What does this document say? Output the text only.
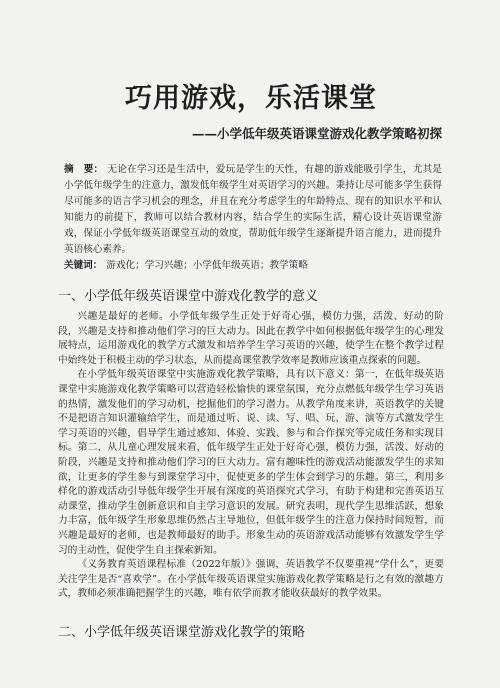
巧用游戏，乐活课堂
——小学低年级英语课堂游戏化教学策略初探
摘　要： 无论在学习还是生活中，爱玩是学生的天性，有趣的游戏能吸引学生，尤其是小学低年级学生的注意力，激发低年级学生对英语学习的兴趣。秉持让尽可能多学生获得尽可能多的语言学习机会的理念，并且在充分考虑学生的年龄特点、现有的知识水平和认知能力的前提下，教师可以结合教材内容，结合学生的实际生活，精心设计英语课堂游戏，保证小学低年级英语课堂互动的效度，帮助低年级学生逐渐提升语言能力，进而提升英语核心素养。
关键词： 游戏化；学习兴趣；小学低年级英语；教学策略
一、小学低年级英语课堂中游戏化教学的意义

兴趣是最好的老师。小学低年级学生正处于好奇心强，模仿力强，活泼、好动的阶段，兴趣是支持和推动他们学习的巨大动力。因此在教学中如何根据低年级学生的心理发展特点，运用游戏化的教学方式激发和培养学生学习英语的兴趣，使学生在整个教学过程中始终处于积极主动的学习状态，从而提高课堂教学效率是教师应该重点探索的问题。

在小学低年级英语课堂中实施游戏化教学策略，具有以下意义：第一，在低年级英语课堂中实施游戏化教学策略可以营造轻松愉快的课堂氛围，充分点燃低年级学生学习英语的热情，激发他们的学习动机，挖掘他们的学习潜力。从教学角度来讲，英语教学的关键不是把语言知识灌输给学生，而是通过听、说、读、写、唱、玩、游、演等方式激发学生学习英语的兴趣，倡导学生通过感知、体验、实践、参与和合作探究等完成任务和实现目标。第二，从儿童心理发展来看，低年级学生正处于好奇心强，模仿力强，活泼、好动的阶段，兴趣是支持和推动他们学习的巨大动力。富有趣味性的游戏活动能激发学生的求知欲，让更多的学生参与到课堂学习中，促使更多的学生体会到学习的乐趣。第三，利用多样化的游戏活动引导低年级学生开展有深度的英语探究式学习，有助于构建和完善英语互动课堂，推动学生创新意识和自主学习意识的发展。研究表明，现代学生思维活跃，想象力丰富，低年级学生形象思维仍然占主导地位，但低年级学生的注意力保持时间短暂，而兴趣是最好的老师，也是教师最好的助手。形象生动的英语游戏活动能够有效激发学生学习的主动性，促使学生自主探索新知。

《义务教育英语课程标准（2022年版）》强调，英语教学不仅要重视“学什么”，更要关注学生是否“喜欢学”。在小学低年级英语课堂实施游戏化教学策略是行之有效的激趣方式，教师必须准确把握学生的兴趣，唯有依学而教才能收获最好的教学效果。

二、小学低年级英语课堂游戏化教学的策略
